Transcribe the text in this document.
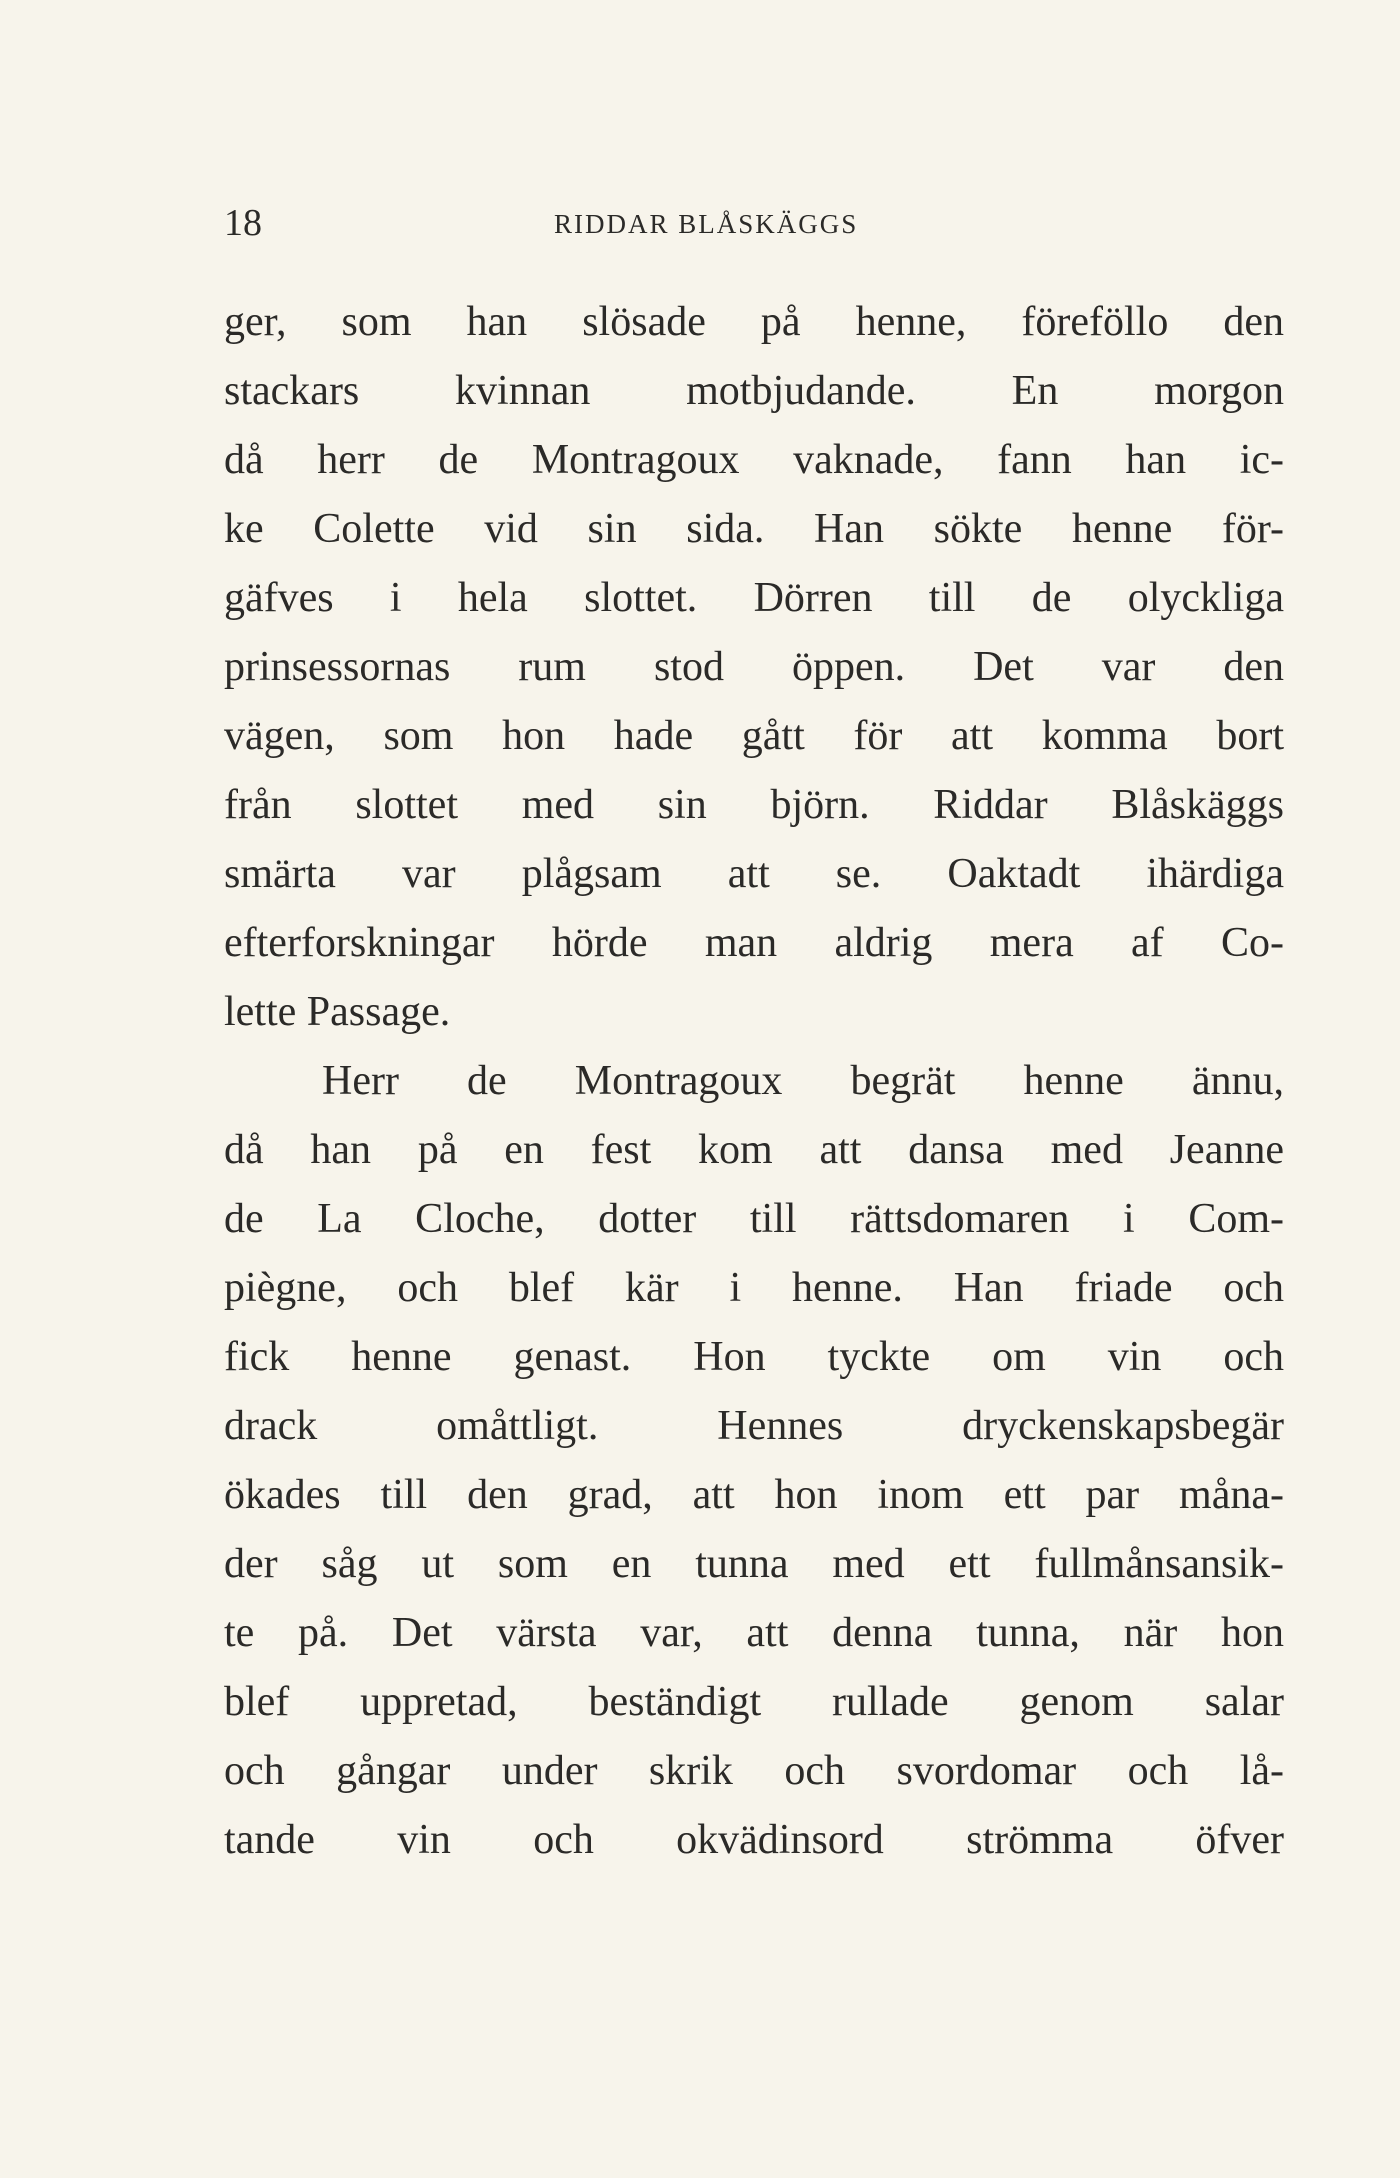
18	RIDDAR BLÅSKÄGGS
ger, som han slösade på henne, föreföllo den
stackars kvinnan motbjudande. En morgon
då herr de Montragoux vaknade, fann han ic-
ke Colette vid sin sida. Han sökte henne för-
gäfves i hela slottet. Dörren till de olyckliga
prinsessornas rum stod öppen. Det var den
vägen, som hon hade gått för att komma bort
från slottet med sin björn. Riddar Blåskäggs
smärta var plågsam att se. Oaktadt ihärdiga
efterforskningar hörde man aldrig mera af Co-
lette Passage.
Herr de Montragoux begrät henne ännu,
då han på en fest kom att dansa med Jeanne
de La Cloche, dotter till rättsdomaren i Com-
piègne, och blef kär i henne. Han friade och
fick henne genast. Hon tyckte om vin och
drack omåttligt. Hennes dryckenskapsbegär
ökades till den grad, att hon inom ett par måna-
der såg ut som en tunna med ett fullmånsansik-
te på. Det värsta var, att denna tunna, när hon
blef uppretad, beständigt rullade genom salar
och gångar under skrik och svordomar och lå-
tande vin och okvädinsord strömma öfver
